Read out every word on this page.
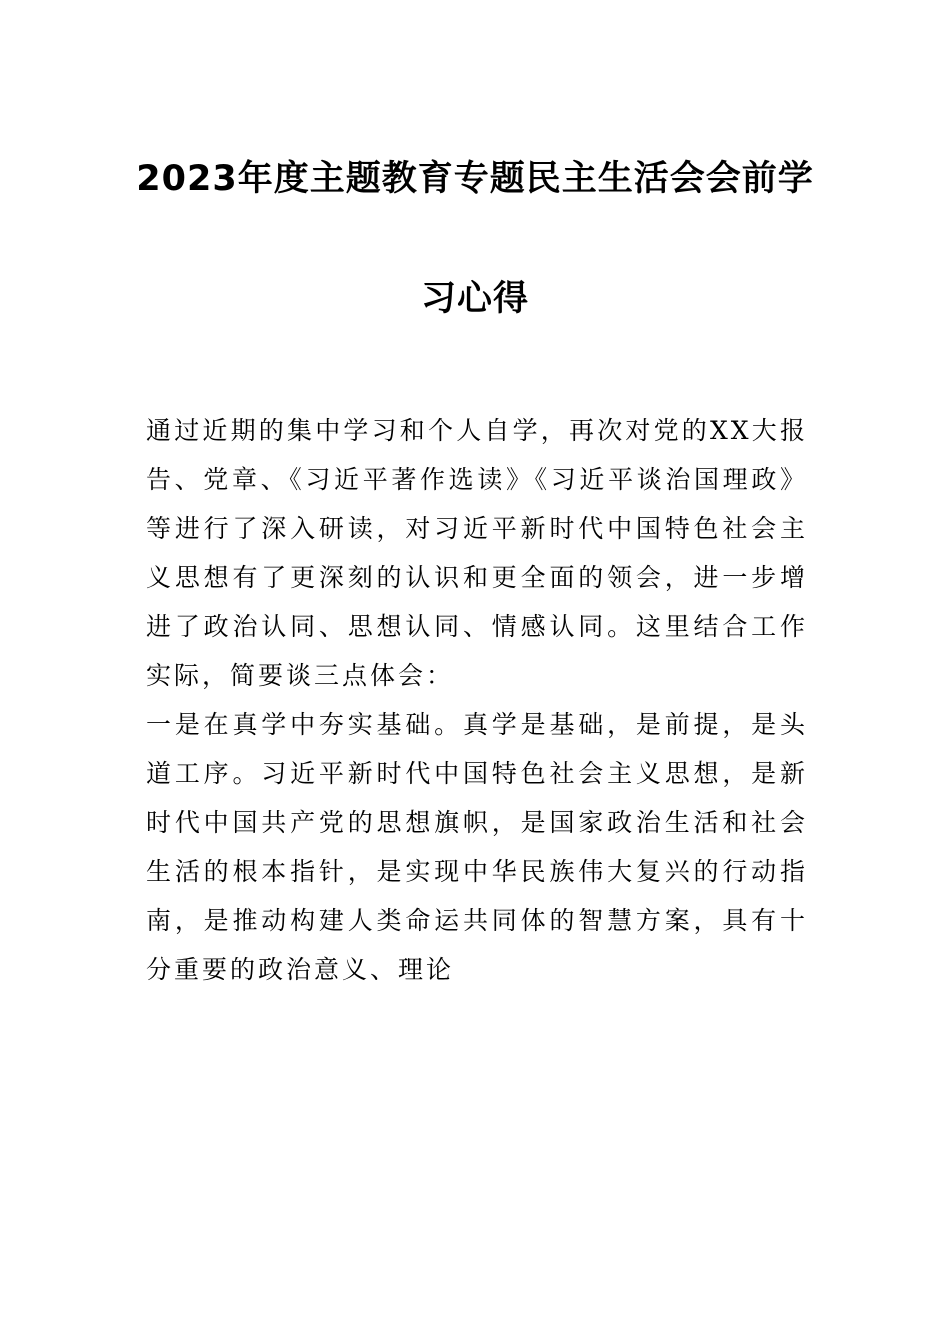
2023年度主题教育专题民主生活会会前学
习心得

通过近期的集中学习和个人自学，再次对党的XX大报告、党章、《习近平著作选读》《习近平谈治国理政》等进行了深入研读，对习近平新时代中国特色社会主义思想有了更深刻的认识和更全面的领会，进一步增进了政治认同、思想认同、情感认同。这里结合工作实际，简要谈三点体会：

一是在真学中夯实基础。真学是基础，是前提，是头道工序。习近平新时代中国特色社会主义思想，是新时代中国共产党的思想旗帜，是国家政治生活和社会生活的根本指针，是实现中华民族伟大复兴的行动指南，是推动构建人类命运共同体的智慧方案，具有十分重要的政治意义、理论
